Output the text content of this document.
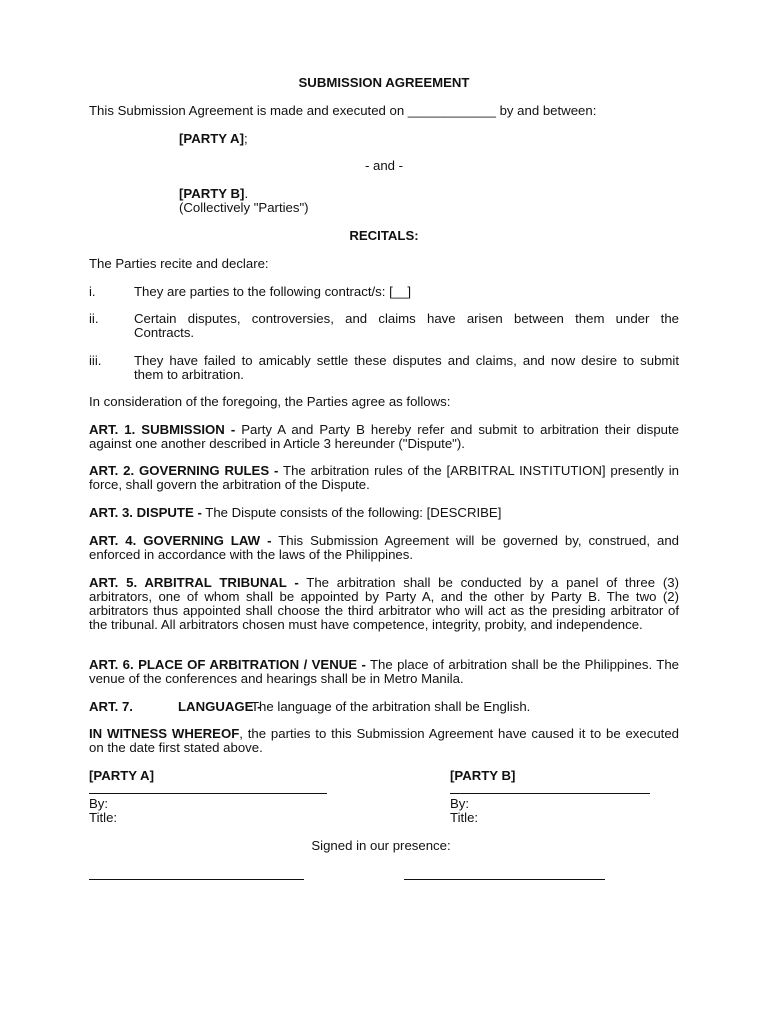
SUBMISSION AGREEMENT
This Submission Agreement is made and executed on ____________ by and between:
[PARTY A];
- and -
[PARTY B].
(Collectively "Parties")
RECITALS:
The Parties recite and declare:
i.	They are parties to the following contract/s: [__]
ii.	Certain disputes, controversies, and claims have arisen between them under the
Contracts.
iii. They have failed to amicably settle these disputes and claims, and now desire to submit
them to arbitration.
In consideration of the foregoing, the Parties agree as follows:
ART. 1. SUBMISSION - Party A and Party B hereby refer and submit to arbitration their dispute against one another described in Article 3 hereunder ("Dispute").
ART. 2. GOVERNING RULES - The arbitration rules of the [ARBITRAL INSTITUTION] presently in force, shall govern the arbitration of the Dispute.
ART. 3. DISPUTE - The Dispute consists of the following: [DESCRIBE]
ART. 4. GOVERNING LAW - This Submission Agreement will be governed by, construed, and enforced in accordance with the laws of the Philippines.
ART. 5. ARBITRAL TRIBUNAL - The arbitration shall be conducted by a panel of three (3) arbitrators, one of whom shall be appointed by Party A, and the other by Party B. The two (2) arbitrators thus appointed shall choose the third arbitrator who will act as the presiding arbitrator of the tribunal. All arbitrators chosen must have competence, integrity, probity, and independence.
ART. 6. PLACE OF ARBITRATION / VENUE - The place of arbitration shall be the Philippines. The venue of the conferences and hearings shall be in Metro Manila.
ART. 7.	LANGUAGE -
The language of the arbitration shall be English.
IN WITNESS WHEREOF, the parties to this Submission Agreement have caused it to be executed on the date first stated above.
[PARTY A]
By:
Title:
[PARTY B]
By:
Title:
Signed in our presence:
